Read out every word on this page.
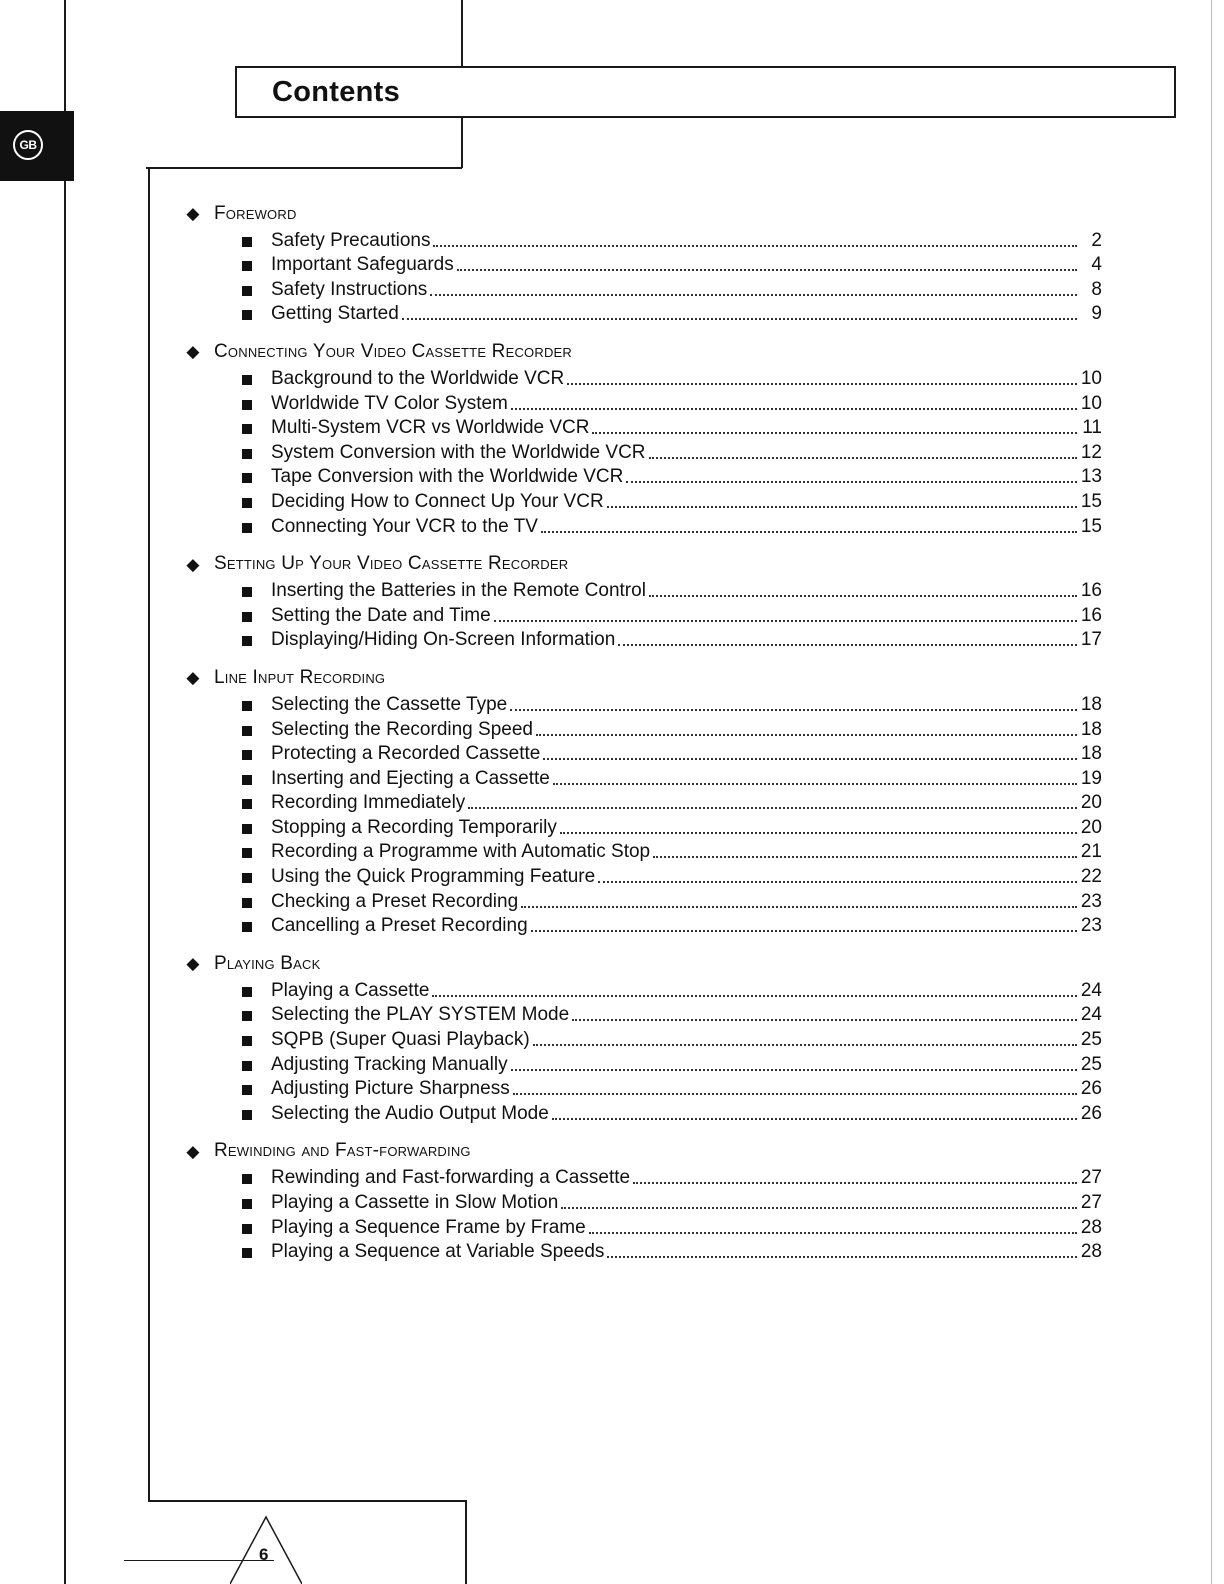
GB
Contents
◆ Foreword
Safety Precautions	2
Important Safeguards	4
Safety Instructions	8
Getting Started	9
◆ Connecting Your Video Cassette Recorder
Background to the Worldwide VCR	10
Worldwide TV Color System	10
Multi-System VCR vs Worldwide VCR	11
System Conversion with the Worldwide VCR	12
Tape Conversion with the Worldwide VCR	13
Deciding How to Connect Up Your VCR	15
Connecting Your VCR to the TV	15
◆ Setting Up Your Video Cassette Recorder
Inserting the Batteries in the Remote Control	16
Setting the Date and Time	16
Displaying/Hiding On-Screen Information	17
◆ Line Input Recording
Selecting the Cassette Type	18
Selecting the Recording Speed	18
Protecting a Recorded Cassette	18
Inserting and Ejecting a Cassette	19
Recording Immediately	20
Stopping a Recording Temporarily	20
Recording a Programme with Automatic Stop	21
Using the Quick Programming Feature	22
Checking a Preset Recording	23
Cancelling a Preset Recording	23
◆ Playing Back
Playing a Cassette	24
Selecting the PLAY SYSTEM Mode	24
SQPB (Super Quasi Playback)	25
Adjusting Tracking Manually	25
Adjusting Picture Sharpness	26
Selecting the Audio Output Mode	26
◆ Rewinding and Fast-forwarding
Rewinding and Fast-forwarding a Cassette	27
Playing a Cassette in Slow Motion	27
Playing a Sequence Frame by Frame	28
Playing a Sequence at Variable Speeds	28
6
